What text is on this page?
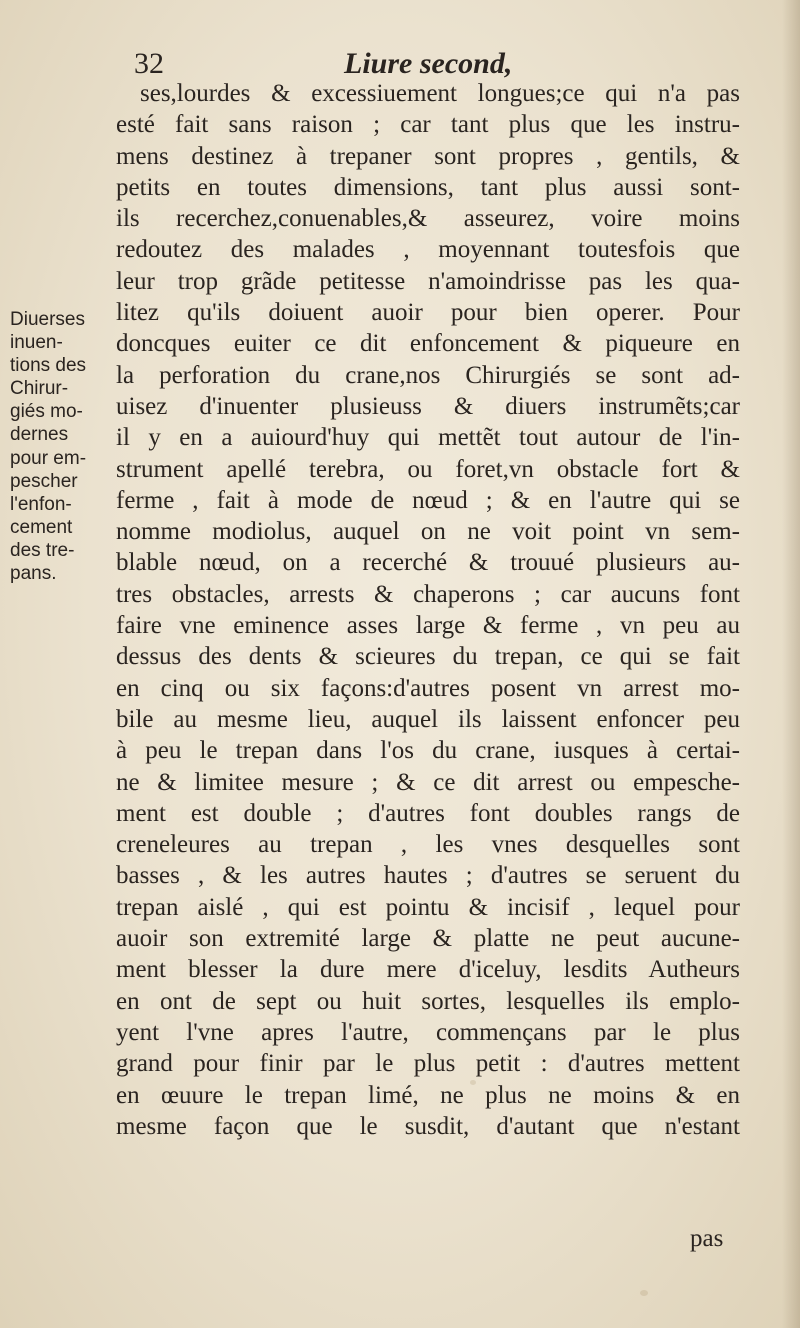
32	Liure second,
Diuerses
inuen-
tions des
Chirur-
giés mo-
dernes
pour em-
pescher
l'enfon-
cement
des tre-
pans.
ses,lourdes & excessiuement longues;ce qui n'a pas
esté fait sans raison ; car tant plus que les instru-
mens destinez à trepaner sont propres , gentils, &
petits en toutes dimensions, tant plus aussi sont-
ils recerchez,conuenables,& asseurez, voire moins
redoutez des malades , moyennant toutesfois que
leur trop grãde petitesse n'amoindrisse pas les qua-
litez qu'ils doiuent auoir pour bien operer. Pour
doncques euiter ce dit enfoncement & piqueure en
la perforation du crane,nos Chirurgiés se sont ad-
uisez d'inuenter plusieuss & diuers instrumẽts;car
il y en a auiourd'huy qui mettẽt tout autour de l'in-
strument apellé terebra, ou foret,vn obstacle fort &
ferme , fait à mode de nœud ; & en l'autre qui se
nomme modiolus, auquel on ne voit point vn sem-
blable nœud, on a recerché & trouué plusieurs au-
tres obstacles, arrests & chaperons ; car aucuns font
faire vne eminence asses large & ferme , vn peu au
dessus des dents & scieures du trepan, ce qui se fait
en cinq ou six façons:d'autres posent vn arrest mo-
bile au mesme lieu, auquel ils laissent enfoncer peu
à peu le trepan dans l'os du crane, iusques à certai-
ne & limitee mesure ; & ce dit arrest ou empesche-
ment est double ; d'autres font doubles rangs de
creneleures au trepan , les vnes desquelles sont
basses , & les autres hautes ; d'autres se seruent du
trepan aislé , qui est pointu & incisif , lequel pour
auoir son extremité large & platte ne peut aucune-
ment blesser la dure mere d'iceluy, lesdits Autheurs
en ont de sept ou huit sortes, lesquelles ils emplo-
yent l'vne apres l'autre, commençans par le plus
grand pour finir par le plus petit : d'autres mettent
en œuure le trepan limé, ne plus ne moins & en
mesme façon que le susdit, d'autant que n'estant
pas
